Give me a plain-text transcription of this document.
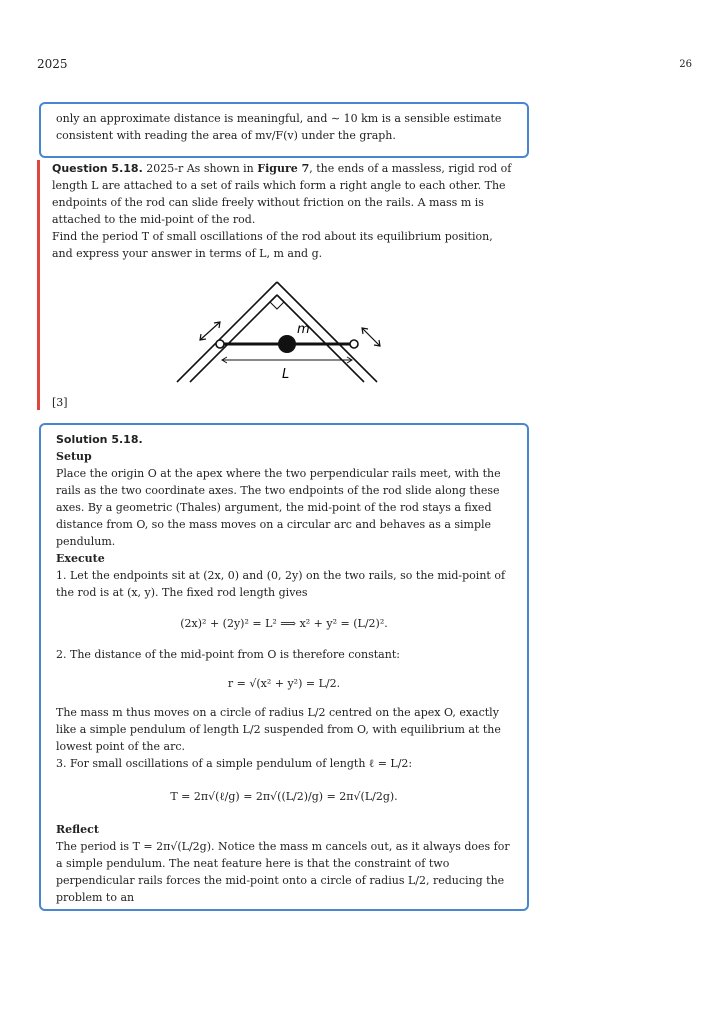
2025	26

only an approximate distance is meaningful, and ∼ 10 km is a sensible estimate

consistent with reading the area of mv/F(v) under the graph.

Question 5.18. 2025-r As shown in Figure 7, the ends of a massless, rigid rod of length L are attached to a set of rails which form a right angle to each other. The endpoints of the rod can slide freely without friction on the rails. A mass m is attached to the mid-point of the rod.

Find the period T of small oscillations of the rod about its equilibrium position, and express your answer in terms of L, m and g.

m
L

[3]

Solution 5.18.

Setup

Place the origin O at the apex where the two perpendicular rails meet, with the rails as the two coordinate axes. The two endpoints of the rod slide along these axes. By a geometric (Thales) argument, the mid-point of the rod stays a fixed distance from O, so the mass moves on a circular arc and behaves as a simple pendulum.

Execute

1. Let the endpoints sit at (2x, 0) and (0, 2y) on the two rails, so the mid-point of the rod is at (x, y). The fixed rod length gives

(2x)² + (2y)² = L² ⟹ x² + y² = (L/2)².

2. The distance of the mid-point from O is therefore constant:

r = √(x² + y²) = L/2.

The mass m thus moves on a circle of radius L/2 centred on the apex O, exactly like a simple pendulum of length L/2 suspended from O, with equilibrium at the lowest point of the arc.

3. For small oscillations of a simple pendulum of length ℓ = L/2:

T = 2π√(ℓ/g) = 2π√((L/2)/g) = 2π√(L/2g).

Reflect

The period is T = 2π√(L/2g). Notice the mass m cancels out, as it always does for a simple pendulum. The neat feature here is that the constraint of two perpendicular rails forces the mid-point onto a circle of radius L/2, reducing the problem to an
